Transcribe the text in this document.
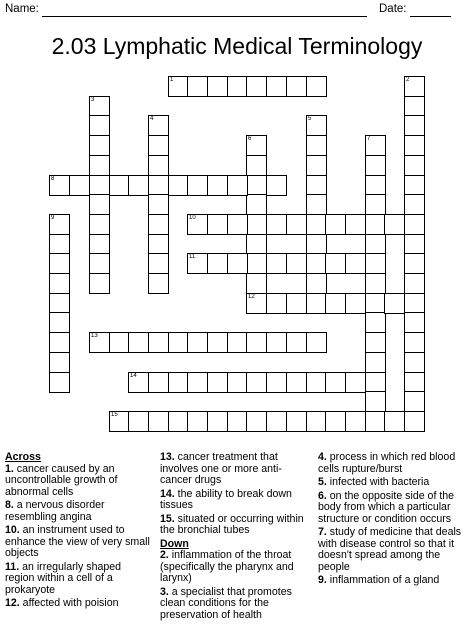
Name:	Date:
2.03 Lymphatic Medical Terminology
1	2
3
4	5
6
12
7
8
9	10
11
13
14
15
Across
1. cancer caused by an uncontrollable growth of abnormal cells
8. a nervous disorder resembling angina
10. an instrument used to enhance the view of very small objects
11. an irregularly shaped region within a cell of a prokaryote
12. affected with poision
13. cancer treatment that involves one or more anti-cancer drugs
14. the ability to break down tissues
15. situated or occurring within the bronchial tubes
Down
2. inflammation of the throat (specifically the pharynx and larynx)
3. a specialist that promotes clean conditions for the preservation of health
4. process in which red blood cells rupture/burst
5. infected with bacteria
6. on the opposite side of the body from which a particular structure or condition occurs
7. study of medicine that deals with disease control so that it doesn't spread among the people
9. inflammation of a gland
